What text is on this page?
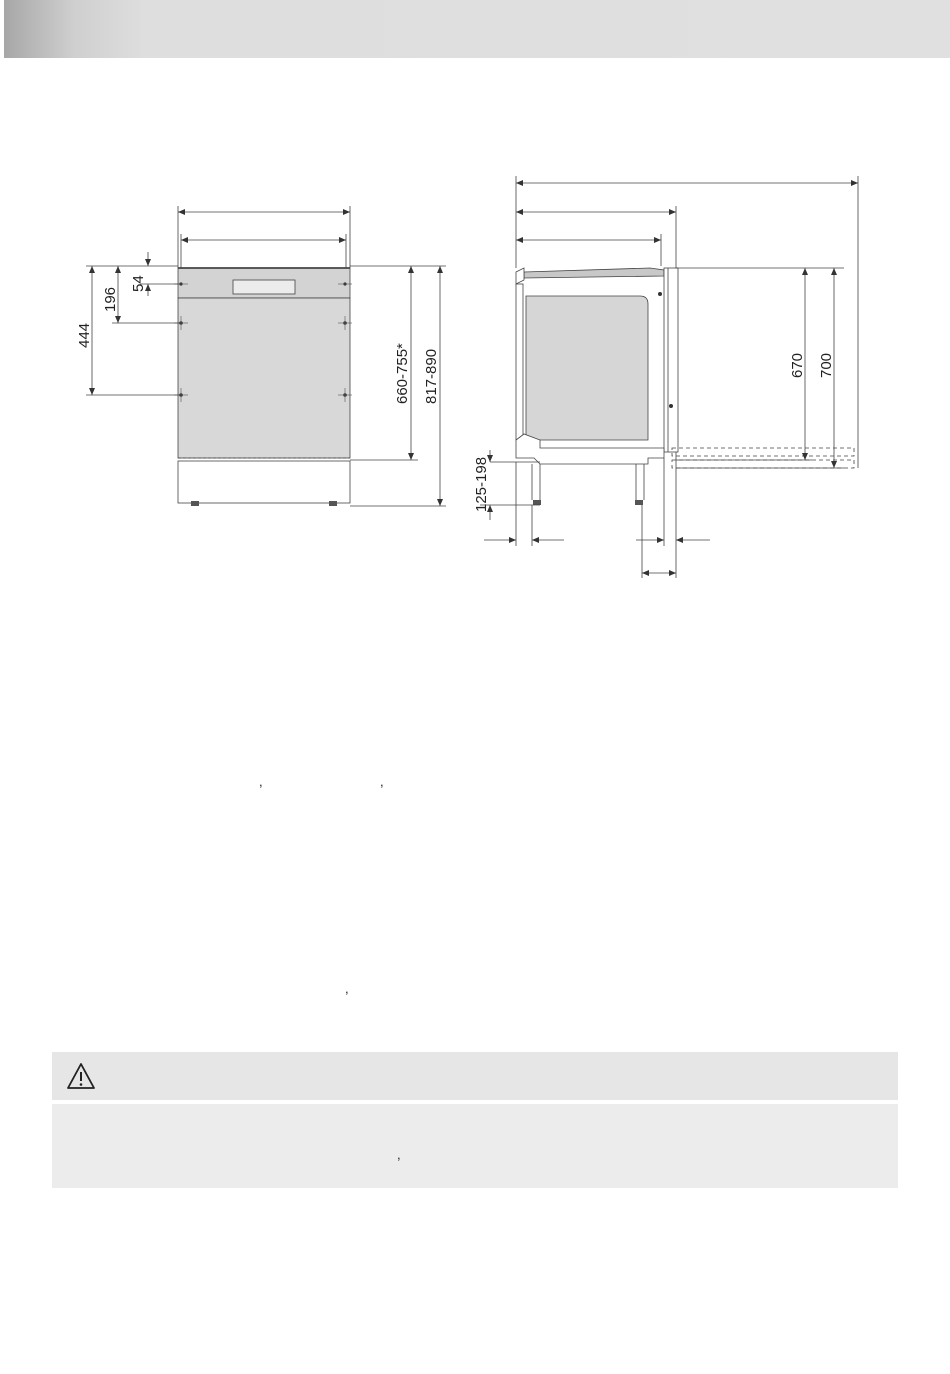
54
196
444
660-755* 817-890	670 700
125-198
,	,
,
,
